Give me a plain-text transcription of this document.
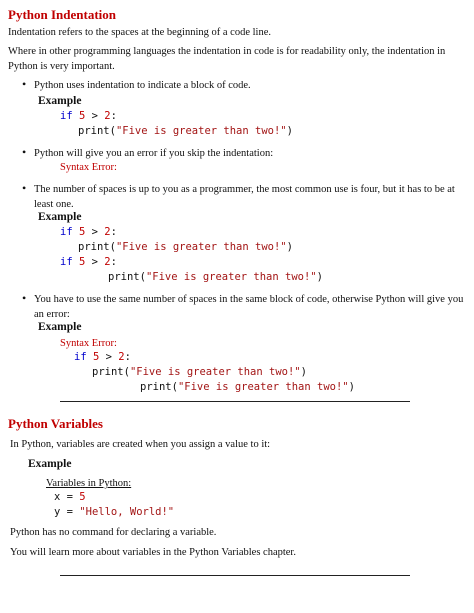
Python Indentation

Indentation refers to the spaces at the beginning of a code line.

Where in other programming languages the indentation in code is for readability only, the indentation in Python is very important.

• Python uses indentation to indicate a block of code.
Example
if 5 > 2:
print("Five is greater than two!")
• Python will give you an error if you skip the indentation:
Syntax Error:
• The number of spaces is up to you as a programmer, the most common use is four, but it has to be at least one.
Example
if 5 > 2:
print("Five is greater than two!")
if 5 > 2:
print("Five is greater than two!")
• You have to use the same number of spaces in the same block of code, otherwise Python will give you an error:
Example
Syntax Error:
if 5 > 2:
print("Five is greater than two!")
print("Five is greater than two!")
Python Variables

In Python, variables are created when you assign a value to it:

Example
Variables in Python:
x = 5
y = "Hello, World!"

Python has no command for declaring a variable.

You will learn more about variables in the Python Variables chapter.
